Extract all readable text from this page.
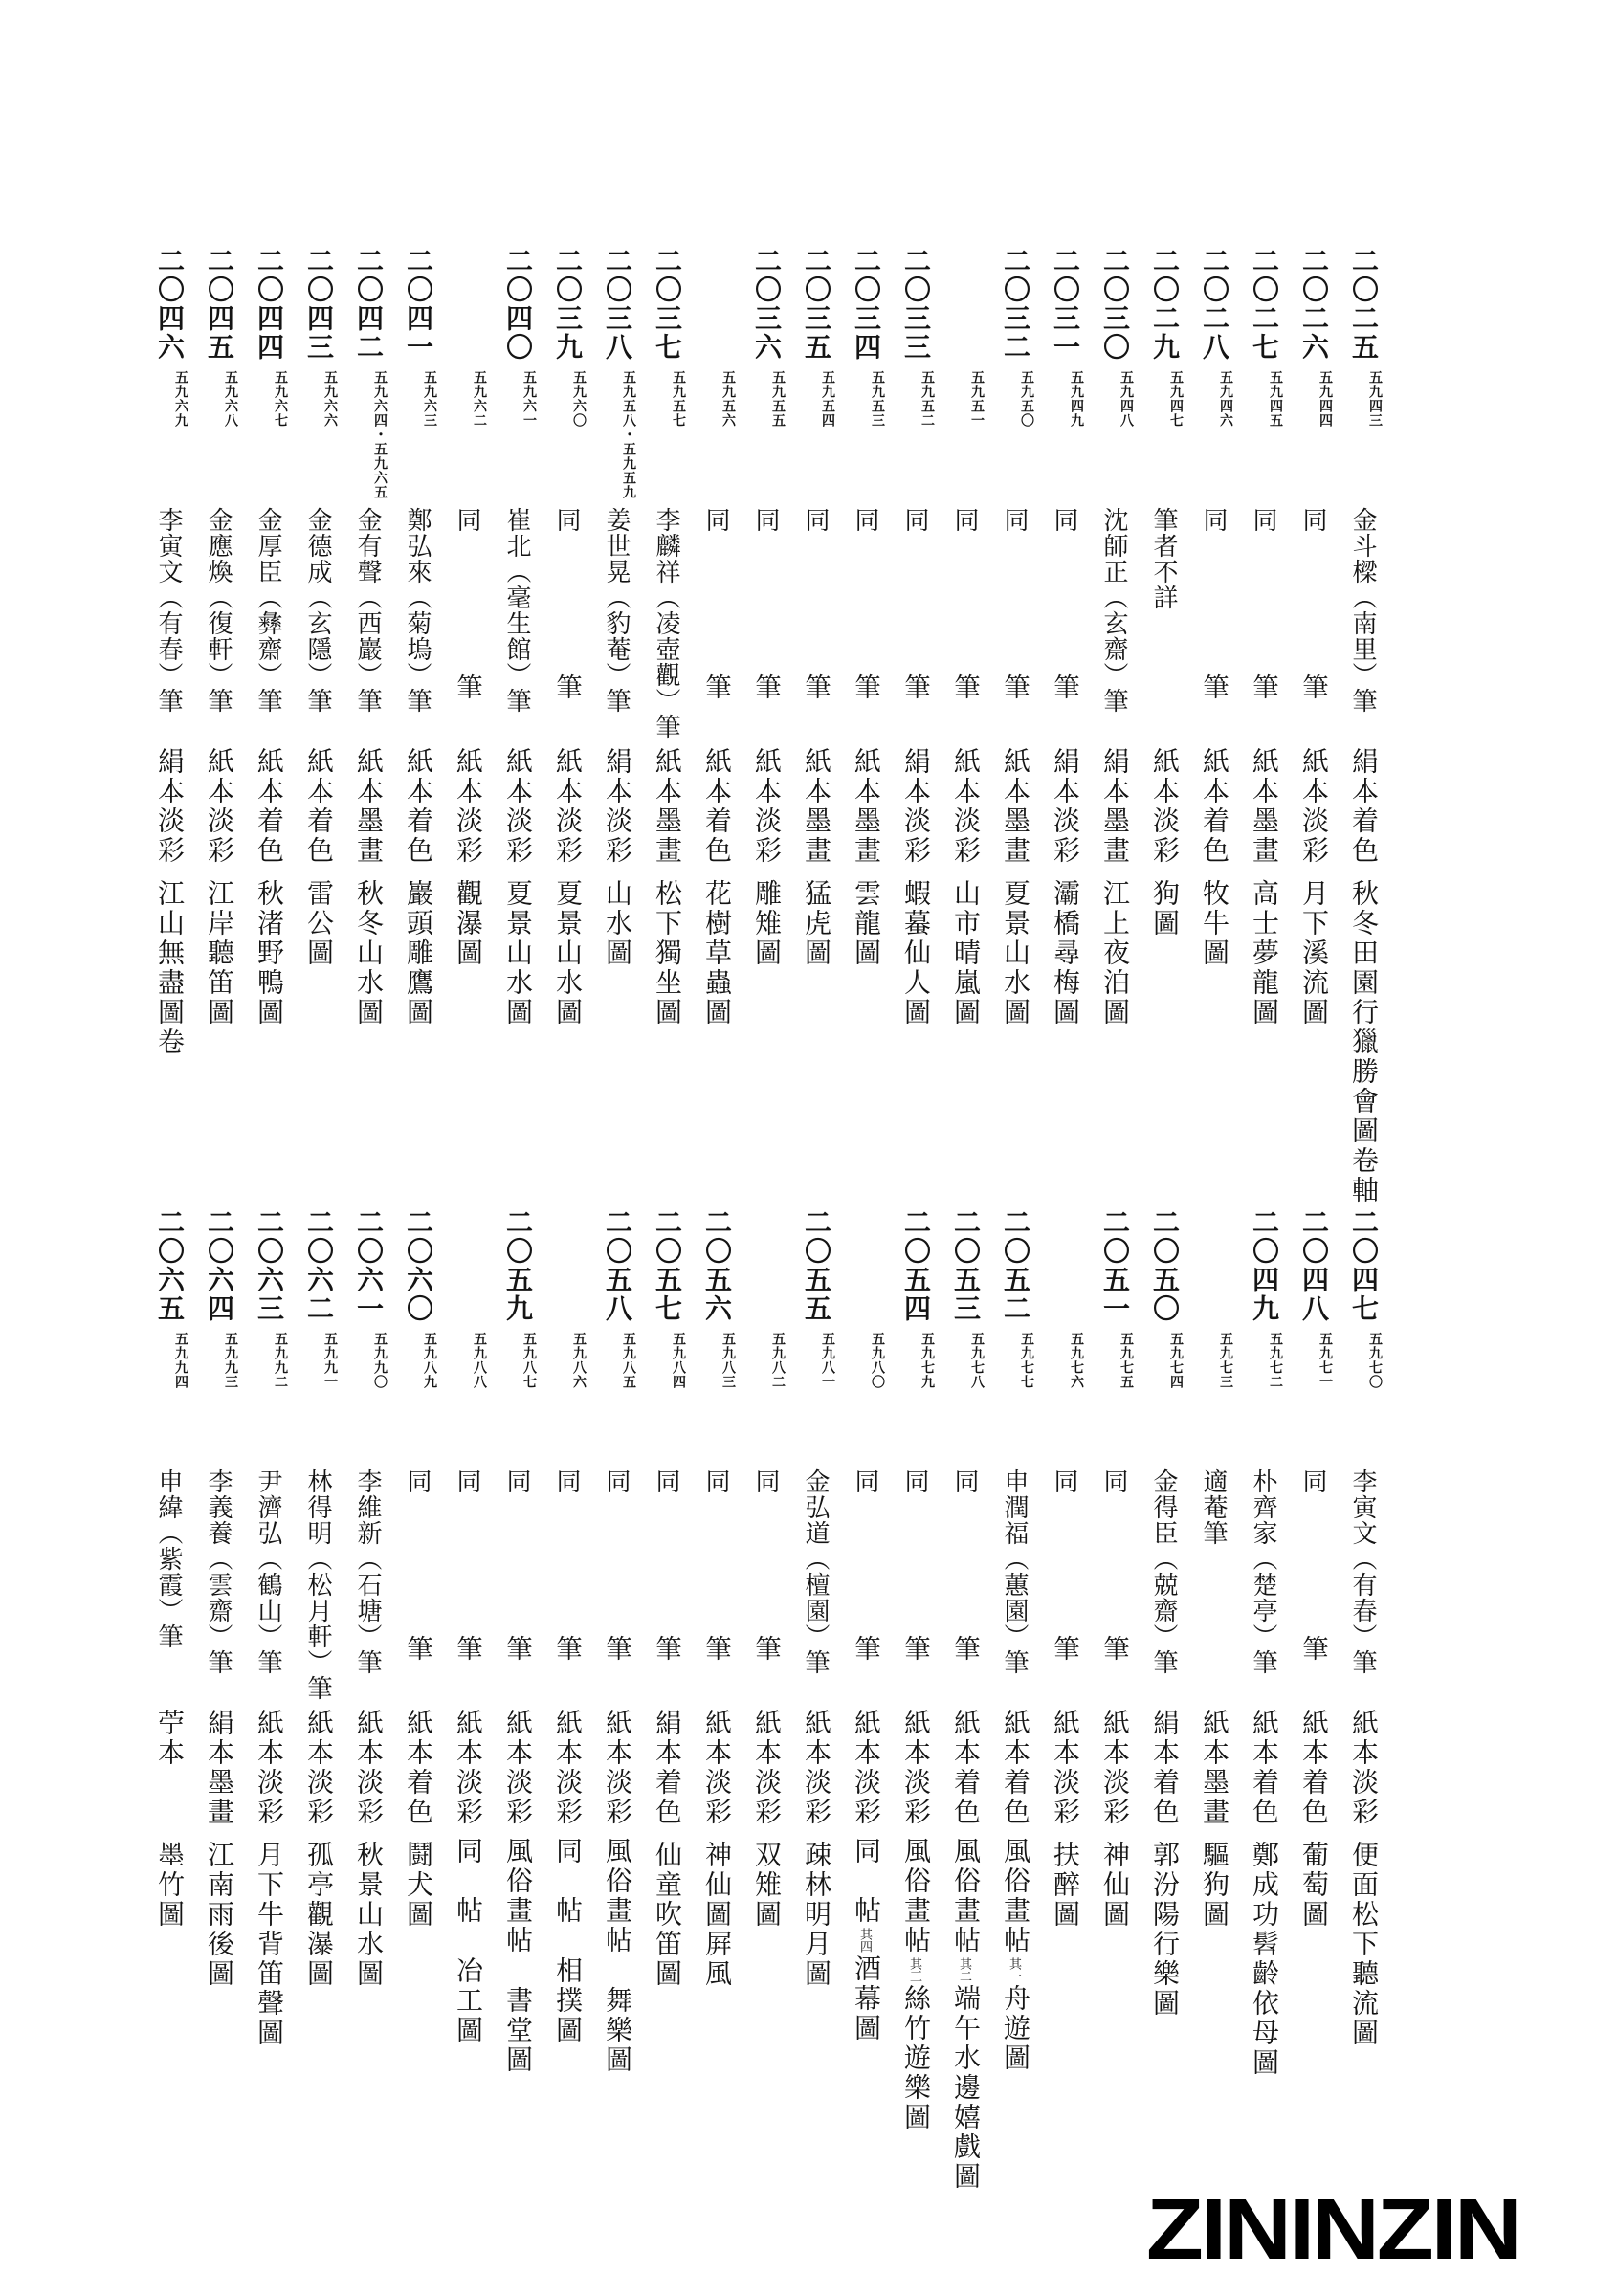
二〇二五
五九四三
金斗樑（南里）筆
絹本着色
秋冬田園行獵勝會圖卷軸
二〇二六
五九四四
同
筆
紙本淡彩
月下溪流圖
二〇二七
五九四五
同
筆
紙本墨畫
高士夢龍圖
二〇二八
五九四六
同
筆
紙本着色
牧牛圖
二〇二九
五九四七
筆者不詳
紙本淡彩
狗圖
二〇三〇
五九四八
沈師正（玄齋）筆
絹本墨畫
江上夜泊圖
二〇三一
五九四九
同
筆
絹本淡彩
灞橋尋梅圖
二〇三二
五九五〇
同
筆
紙本墨畫
夏景山水圖
五九五一
同
筆
紙本淡彩
山市晴嵐圖
二〇三三
五九五二
同
筆
絹本淡彩
蝦蟇仙人圖
二〇三四
五九五三
同
筆
紙本墨畫
雲龍圖
二〇三五
五九五四
同
筆
紙本墨畫
猛虎圖
二〇三六
五九五五
同
筆
紙本淡彩
雕雉圖
五九五六
同
筆
紙本着色
花樹草蟲圖
二〇三七
五九五七
李麟祥（凌壺觀）筆
紙本墨畫
松下獨坐圖
二〇三八
五九五八・五九五九
姜世晃（豹菴）筆
絹本淡彩
山水圖
二〇三九
五九六〇
同
筆
紙本淡彩
夏景山水圖
二〇四〇
五九六一
崔北（毫生館）筆
紙本淡彩
夏景山水圖
五九六二
同
筆
紙本淡彩
觀瀑圖
二〇四一
五九六三
鄭弘來（菊塢）筆
紙本着色
巖頭雕鷹圖
二〇四二
五九六四・五九六五
金有聲（西巖）筆
紙本墨畫
秋冬山水圖
二〇四三
五九六六
金德成（玄隱）筆
紙本着色
雷公圖
二〇四四
五九六七
金厚臣（彝齋）筆
紙本着色
秋渚野鴨圖
二〇四五
五九六八
金應煥（復軒）筆
紙本淡彩
江岸聽笛圖
二〇四六
五九六九
李寅文（有春）筆
絹本淡彩
江山無盡圖卷
二〇四七
五九七〇
李寅文（有春）筆
紙本淡彩
便面松下聽流圖
二〇四八
五九七一
同
筆
紙本着色
葡萄圖
二〇四九
五九七二
朴齊家（楚亭）筆
紙本着色
鄭成功髫齡依母圖
五九七三
適菴筆
紙本墨畫
驅狗圖
二〇五〇
五九七四
金得臣（兢齋）筆
絹本着色
郭汾陽行樂圖
二〇五一
五九七五
同
筆
紙本淡彩
神仙圖
五九七六
同
筆
紙本淡彩
扶醉圖
二〇五二
五九七七
申潤福（蕙園）筆
紙本着色
風俗畫帖其一舟遊圖
二〇五三
五九七八
同
筆
紙本着色
風俗畫帖其二端午水邊嬉戲圖
二〇五四
五九七九
同
筆
紙本淡彩
風俗畫帖其三絲竹遊樂圖
五九八〇
同
筆
紙本淡彩
同　帖其四酒幕圖
二〇五五
五九八一
金弘道（檀園）筆
紙本淡彩
疎林明月圖
五九八二
同
筆
紙本淡彩
双雉圖
二〇五六
五九八三
同
筆
紙本淡彩
神仙圖屛風
二〇五七
五九八四
同
筆
絹本着色
仙童吹笛圖
二〇五八
五九八五
同
筆
紙本淡彩
風俗畫帖舞樂圖
五九八六
同
筆
紙本淡彩
同　帖相撲圖
二〇五九
五九八七
同
筆
紙本淡彩
風俗畫帖書堂圖
五九八八
同
筆
紙本淡彩
同　帖冶工圖
二〇六〇
五九八九
同
筆
紙本着色
鬪犬圖
二〇六一
五九九〇
李維新（石塘）筆
紙本淡彩
秋景山水圖
二〇六二
五九九一
林得明（松月軒）筆
紙本淡彩
孤亭觀瀑圖
二〇六三
五九九二
尹濟弘（鶴山）筆
紙本淡彩
月下牛背笛聲圖
二〇六四
五九九三
李義養（雲齋）筆
絹本墨畫
江南雨後圖
二〇六五
五九九四
申緯（紫霞）筆
苧本
墨竹圖
ZININZIN
